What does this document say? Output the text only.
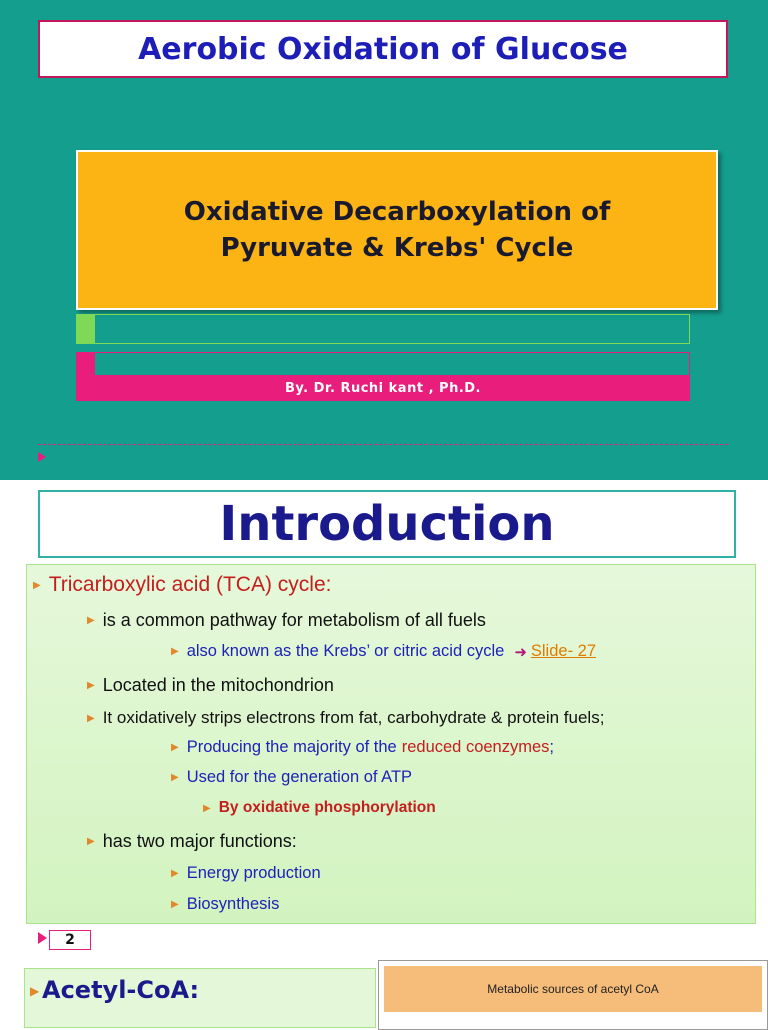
Aerobic Oxidation of Glucose
Oxidative Decarboxylation of
Pyruvate & Krebs' Cycle
By. Dr. Ruchi kant , Ph.D.
Introduction
▶ Tricarboxylic acid (TCA) cycle:
▶ is a common pathway for metabolism of all fuels
▶ also known as the Krebs’ or citric acid cycle ➜ Slide- 27
▶ Located in the mitochondrion
▶ It oxidatively strips electrons from fat, carbohydrate & protein fuels;
▶ Producing the majority of the reduced coenzymes ;
▶ Used for the generation of ATP
▶ By oxidative phosphorylation
▶ has two major functions:
▶ Energy production
▶ Biosynthesis
2
▶ Acetyl-CoA:	Metabolic sources of acetyl CoA
